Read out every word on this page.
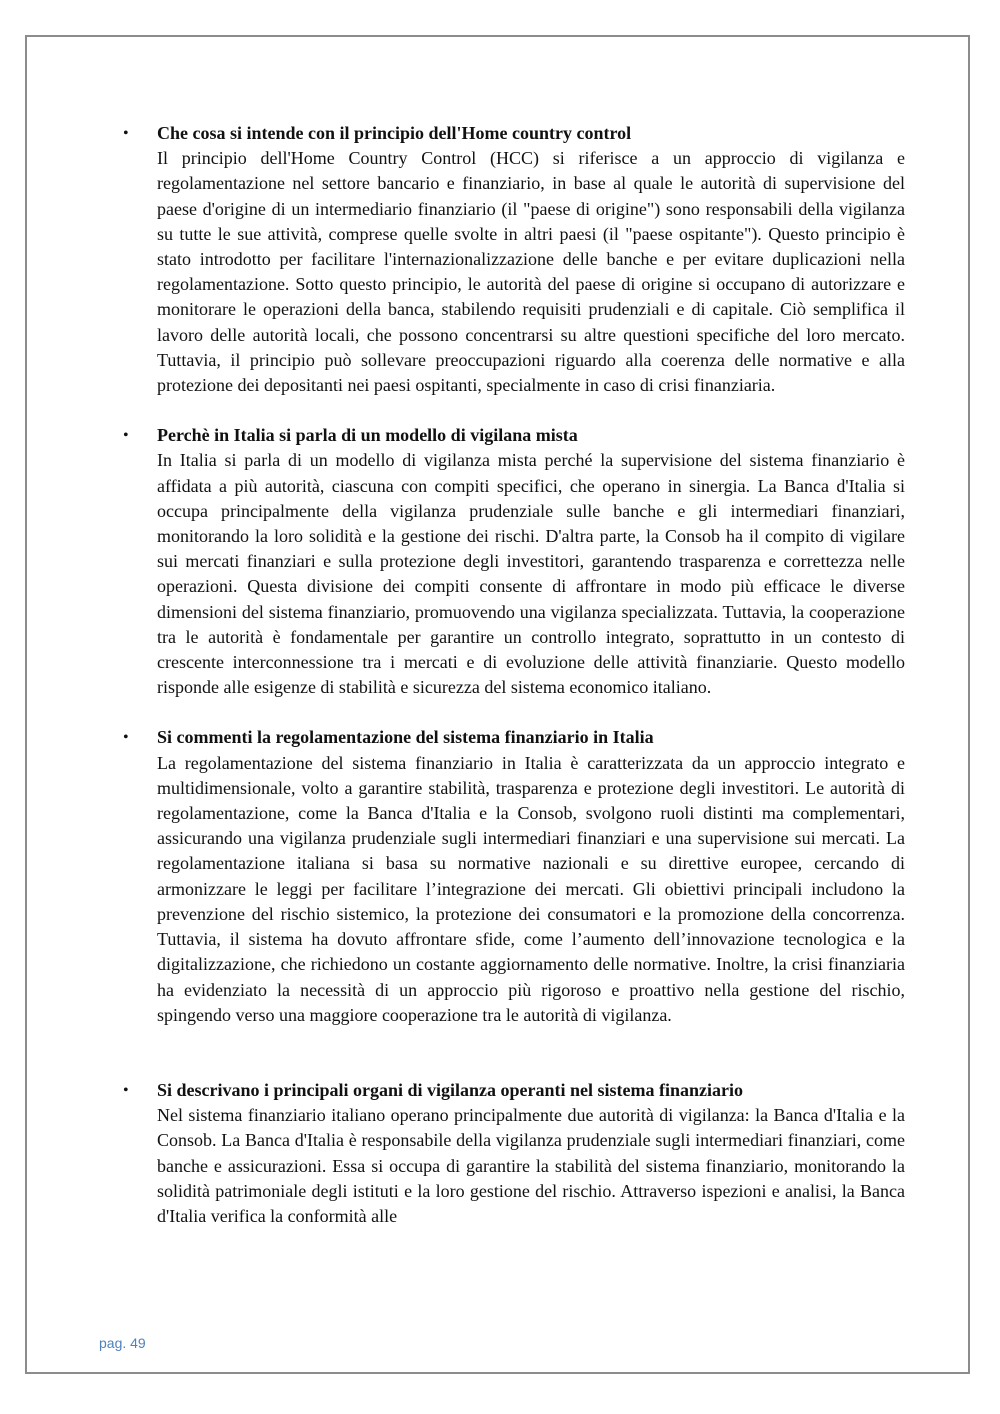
• Che cosa si intende con il principio dell'Home country control

Il principio dell'Home Country Control (HCC) si riferisce a un approccio di vigilanza e regolamentazione nel settore bancario e finanziario, in base al quale le autorità di supervisione del paese d'origine di un intermediario finanziario (il "paese di origine") sono responsabili della vigilanza su tutte le sue attività, comprese quelle svolte in altri paesi (il "paese ospitante"). Questo principio è stato introdotto per facilitare l'internazionalizzazione delle banche e per evitare duplicazioni nella regolamentazione. Sotto questo principio, le autorità del paese di origine si occupano di autorizzare e monitorare le operazioni della banca, stabilendo requisiti prudenziali e di capitale. Ciò semplifica il lavoro delle autorità locali, che possono concentrarsi su altre questioni specifiche del loro mercato. Tuttavia, il principio può sollevare preoccupazioni riguardo alla coerenza delle normative e alla protezione dei depositanti nei paesi ospitanti, specialmente in caso di crisi finanziaria.

• Perchè in Italia si parla di un modello di vigilana mista

In Italia si parla di un modello di vigilanza mista perché la supervisione del sistema finanziario è affidata a più autorità, ciascuna con compiti specifici, che operano in sinergia. La Banca d'Italia si occupa principalmente della vigilanza prudenziale sulle banche e gli intermediari finanziari, monitorando la loro solidità e la gestione dei rischi. D'altra parte, la Consob ha il compito di vigilare sui mercati finanziari e sulla protezione degli investitori, garantendo trasparenza e correttezza nelle operazioni. Questa divisione dei compiti consente di affrontare in modo più efficace le diverse dimensioni del sistema finanziario, promuovendo una vigilanza specializzata. Tuttavia, la cooperazione tra le autorità è fondamentale per garantire un controllo integrato, soprattutto in un contesto di crescente interconnessione tra i mercati e di evoluzione delle attività finanziarie. Questo modello risponde alle esigenze di stabilità e sicurezza del sistema economico italiano.

• Si commenti la regolamentazione del sistema finanziario in Italia

La regolamentazione del sistema finanziario in Italia è caratterizzata da un approccio integrato e multidimensionale, volto a garantire stabilità, trasparenza e protezione degli investitori. Le autorità di regolamentazione, come la Banca d'Italia e la Consob, svolgono ruoli distinti ma complementari, assicurando una vigilanza prudenziale sugli intermediari finanziari e una supervisione sui mercati. La regolamentazione italiana si basa su normative nazionali e su direttive europee, cercando di armonizzare le leggi per facilitare l’integrazione dei mercati. Gli obiettivi principali includono la prevenzione del rischio sistemico, la protezione dei consumatori e la promozione della concorrenza. Tuttavia, il sistema ha dovuto affrontare sfide, come l’aumento dell’innovazione tecnologica e la digitalizzazione, che richiedono un costante aggiornamento delle normative. Inoltre, la crisi finanziaria ha evidenziato la necessità di un approccio più rigoroso e proattivo nella gestione del rischio, spingendo verso una maggiore cooperazione tra le autorità di vigilanza.

• Si descrivano i principali organi di vigilanza operanti nel sistema finanziario

Nel sistema finanziario italiano operano principalmente due autorità di vigilanza: la Banca d'Italia e la Consob. La Banca d'Italia è responsabile della vigilanza prudenziale sugli intermediari finanziari, come banche e assicurazioni. Essa si occupa di garantire la stabilità del sistema finanziario, monitorando la solidità patrimoniale degli istituti e la loro gestione del rischio. Attraverso ispezioni e analisi, la Banca d'Italia verifica la conformità alle

pag. 49
